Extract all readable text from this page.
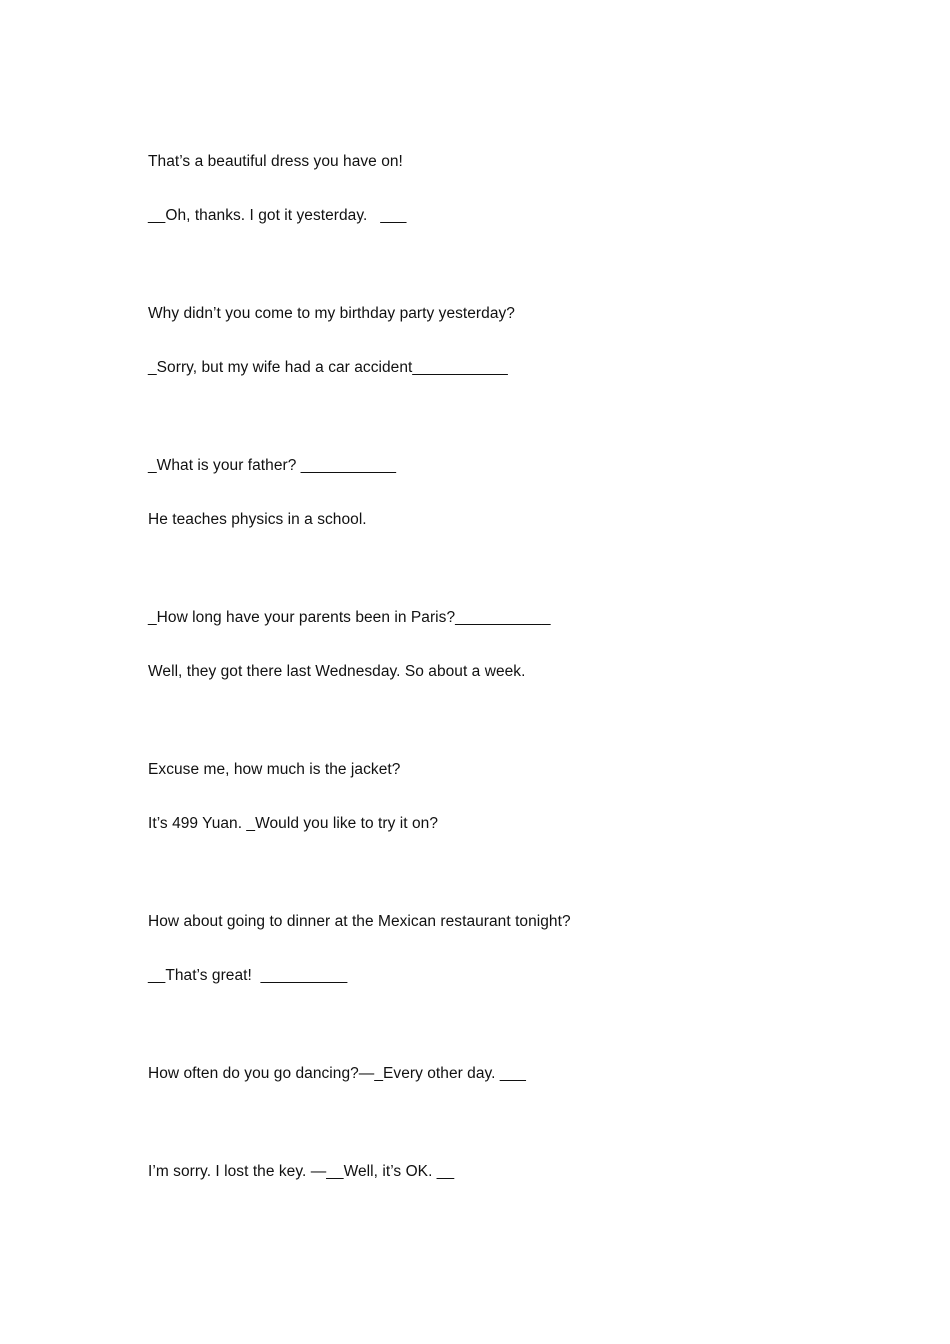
That’s a beautiful dress you have on!
__Oh, thanks. I got it yesterday.   ___
Why didn’t you come to my birthday party yesterday?
_Sorry, but my wife had a car accident___________
_What is your father? ___________
He teaches physics in a school.
_How long have your parents been in Paris?___________
Well, they got there last Wednesday. So about a week.
Excuse me, how much is the jacket?
It’s 499 Yuan. _Would you like to try it on?
How about going to dinner at the Mexican restaurant tonight?
__That’s great!  __________
How often do you go dancing?—_Every other day. ___
I’m sorry. I lost the key. —__Well, it’s OK. __
